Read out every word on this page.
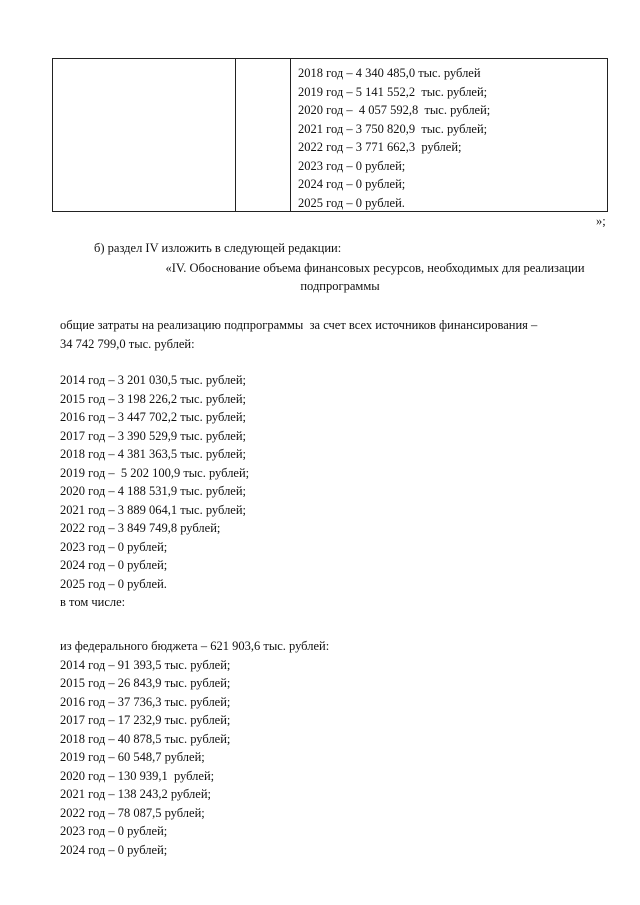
2018 год – 4 340 485,0 тыс. рублей
2019 год – 5 141 552,2  тыс. рублей;
2020 год –  4 057 592,8  тыс. рублей;
2021 год – 3 750 820,9  тыс. рублей;
2022 год – 3 771 662,3  рублей;
2023 год – 0 рублей;
2024 год – 0 рублей;
2025 год – 0 рублей.
»;
б) раздел IV изложить в следующей редакции:
«IV. Обоснование объема финансовых ресурсов, необходимых для реализации
подпрограммы
общие затраты на реализацию подпрограммы  за счет всех источников финансирования –
34 742 799,0 тыс. рублей:
2014 год – 3 201 030,5 тыс. рублей;
2015 год – 3 198 226,2 тыс. рублей;
2016 год – 3 447 702,2 тыс. рублей;
2017 год – 3 390 529,9 тыс. рублей;
2018 год – 4 381 363,5 тыс. рублей;
2019 год –  5 202 100,9 тыс. рублей;
2020 год – 4 188 531,9 тыс. рублей;
2021 год – 3 889 064,1 тыс. рублей;
2022 год – 3 849 749,8 рублей;
2023 год – 0 рублей;
2024 год – 0 рублей;
2025 год – 0 рублей.
в том числе:
из федерального бюджета – 621 903,6 тыс. рублей:
2014 год – 91 393,5 тыс. рублей;
2015 год – 26 843,9 тыс. рублей;
2016 год – 37 736,3 тыс. рублей;
2017 год – 17 232,9 тыс. рублей;
2018 год – 40 878,5 тыс. рублей;
2019 год – 60 548,7 рублей;
2020 год – 130 939,1  рублей;
2021 год – 138 243,2 рублей;
2022 год – 78 087,5 рублей;
2023 год – 0 рублей;
2024 год – 0 рублей;
